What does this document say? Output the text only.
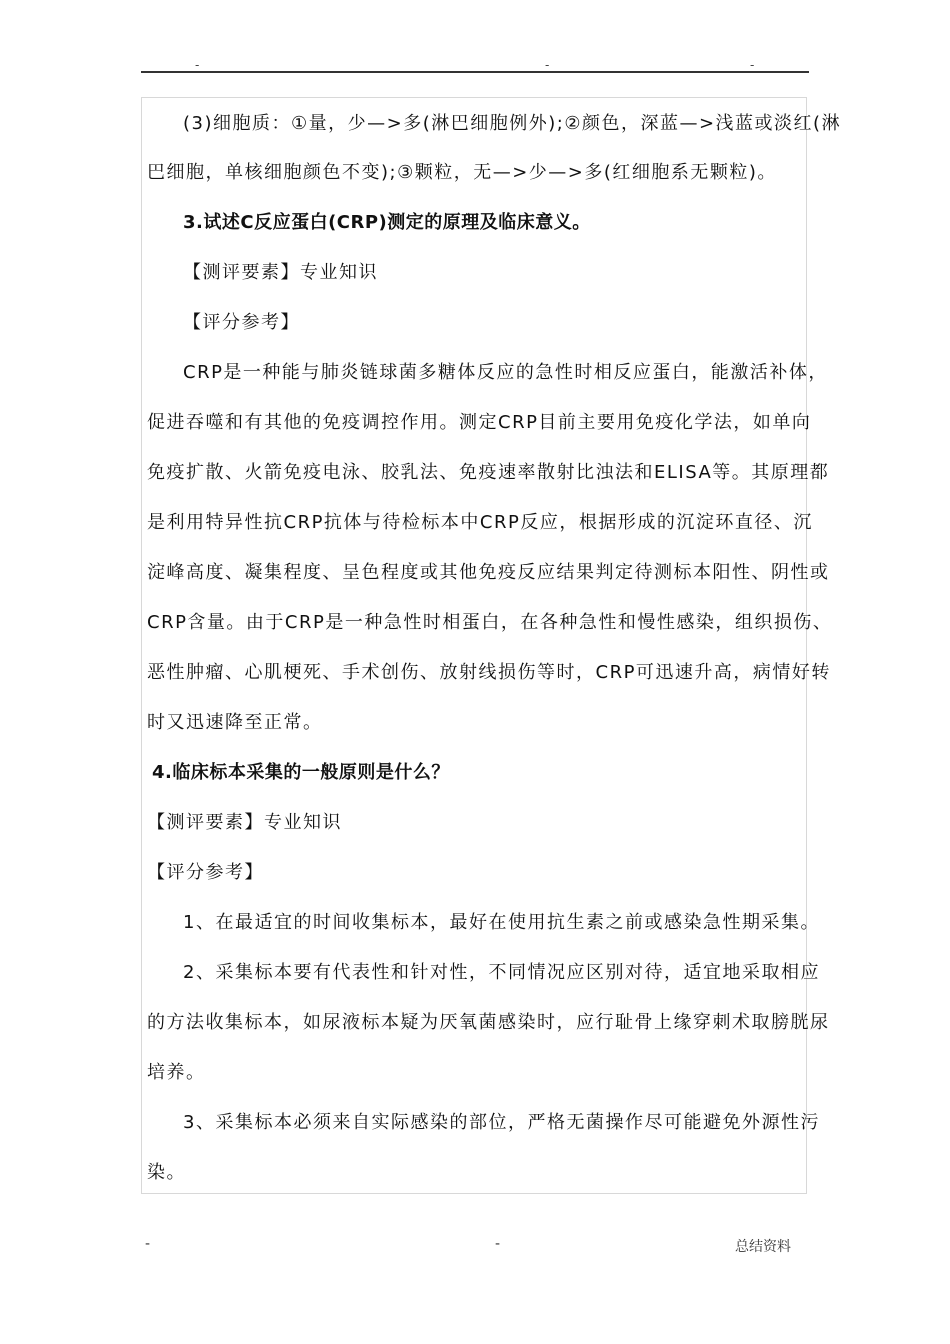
-	-	-
(3)细胞质：①量，少—>多(淋巴细胞例外);②颜色，深蓝—>浅蓝或淡红(淋
巴细胞，单核细胞颜色不变);③颗粒，无—>少—>多(红细胞系无颗粒)。
3.试述C反应蛋白(CRP)测定的原理及临床意义。
【测评要素】专业知识
【评分参考】
CRP是一种能与肺炎链球菌多糖体反应的急性时相反应蛋白，能激活补体，
促进吞噬和有其他的免疫调控作用。测定CRP目前主要用免疫化学法，如单向
免疫扩散、火箭免疫电泳、胶乳法、免疫速率散射比浊法和ELISA等。其原理都
是利用特异性抗CRP抗体与待检标本中CRP反应，根据形成的沉淀环直径、沉
淀峰高度、凝集程度、呈色程度或其他免疫反应结果判定待测标本阳性、阴性或
CRP含量。由于CRP是一种急性时相蛋白，在各种急性和慢性感染，组织损伤、
恶性肿瘤、心肌梗死、手术创伤、放射线损伤等时，CRP可迅速升高，病情好转
时又迅速降至正常。
4.临床标本采集的一般原则是什么？
【测评要素】专业知识
【评分参考】
1、在最适宜的时间收集标本，最好在使用抗生素之前或感染急性期采集。
2、采集标本要有代表性和针对性，不同情况应区别对待，适宜地采取相应
的方法收集标本，如尿液标本疑为厌氧菌感染时，应行耻骨上缘穿刺术取膀胱尿
培养。
3、采集标本必须来自实际感染的部位，严格无菌操作尽可能避免外源性污
染。
-	-	总结资料
